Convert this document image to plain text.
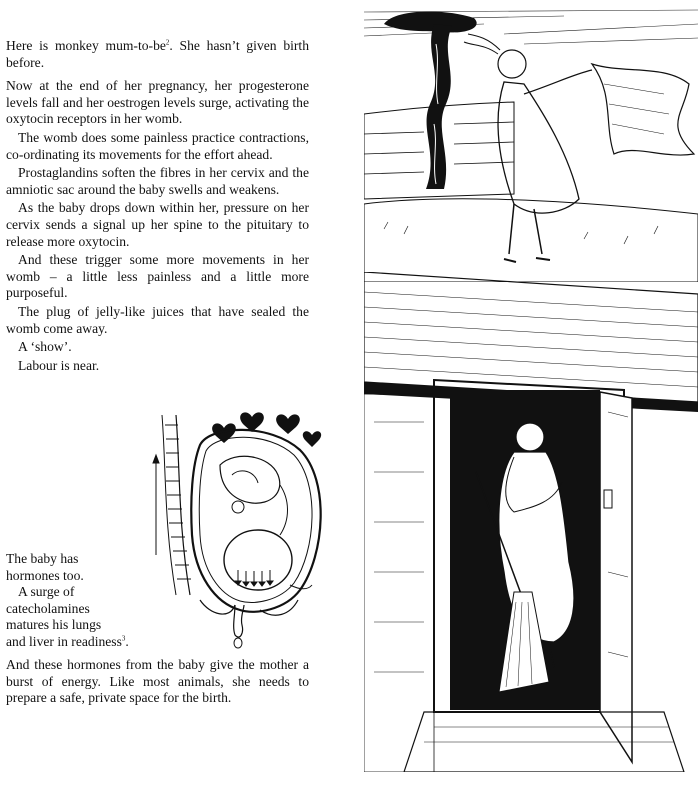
Here is monkey mum-$to-be^2$. She hasn’t given birth before.

Now at the end of her pregnancy, her progesterone levels fall and her oestrogen levels surge, activating the oxytocin receptors in her womb.

The womb does some painless practice contractions, co-ordinating its movements for the effort ahead.

Prostaglandins soften the fibres in her cervix and the amniotic sac around the baby swells and weakens.

As the baby drops down within her, pressure on her cervix sends a signal up her spine to the pituitary to release more oxytocin.

And these trigger some more movements in her womb – a little less painless and a little more purposeful.

The plug of jelly-like juices that have sealed the womb come away.

A ‘show’.

Labour is near.

The baby has

hormones too.

A surge of

catecholamines

matures his lungs

and liver in readiness$^3$.

And these hormones from the baby give the mother a burst of energy. Like most animals, she needs to prepare a safe, private space for the birth.
